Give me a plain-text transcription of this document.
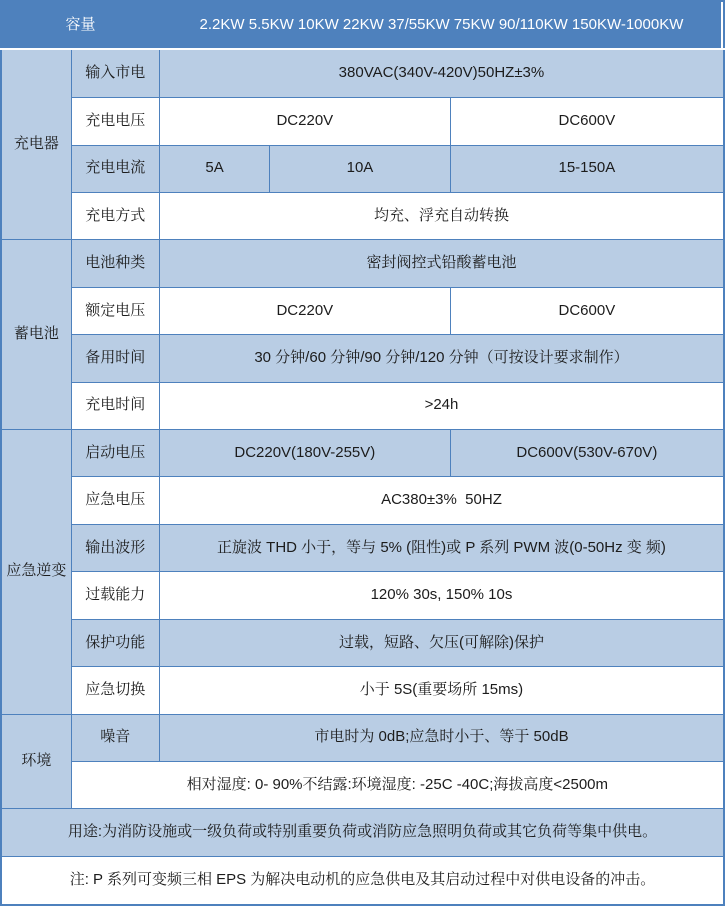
容量		2.2KW 5.5KW 10KW 22KW 37/55KW 75KW 90/110KW 150KW-1000KW		
充电器	输入市电	380VAC(340V-420V)50HZ±3%		
	充电电压	DC220V		DC600V
	充电电流	5A	10A	15-150A
	充电方式	均充、浮充自动转换		
蓄电池	电池种类	密封阀控式铅酸蓄电池		
	额定电压	DC220V		DC600V
	备用时间	30 分钟/60 分钟/90 分钟/120 分钟（可按设计要求制作）		
	充电时间	>24h		
应急逆变	启动电压	DC220V(180V-255V)		DC600V(530V-670V)
	应急电压	AC380±3%  50HZ		
	输出波形	正旋波 THD 小于，等与 5% (阻性)或 P 系列 PWM 波(0-50Hz 变 频)		
	过载能力	120% 30s, 150% 10s		
	保护功能	过载，短路、欠压(可解除)保护		
	应急切换	小于 5S(重要场所 15ms)		
环境	噪音	市电时为 0dB;应急时小于、等于 50dB		
	相对湿度: 0- 90%不结露:环境湿度: -25C -40C;海拔高度<2500m			
用途:为消防设施或一级负荷或特别重要负荷或消防应急照明负荷或其它负荷等集中供电。				
注: P 系列可变频三相 EPS 为解决电动机的应急供电及其启动过程中对供电设备的冲击。				
